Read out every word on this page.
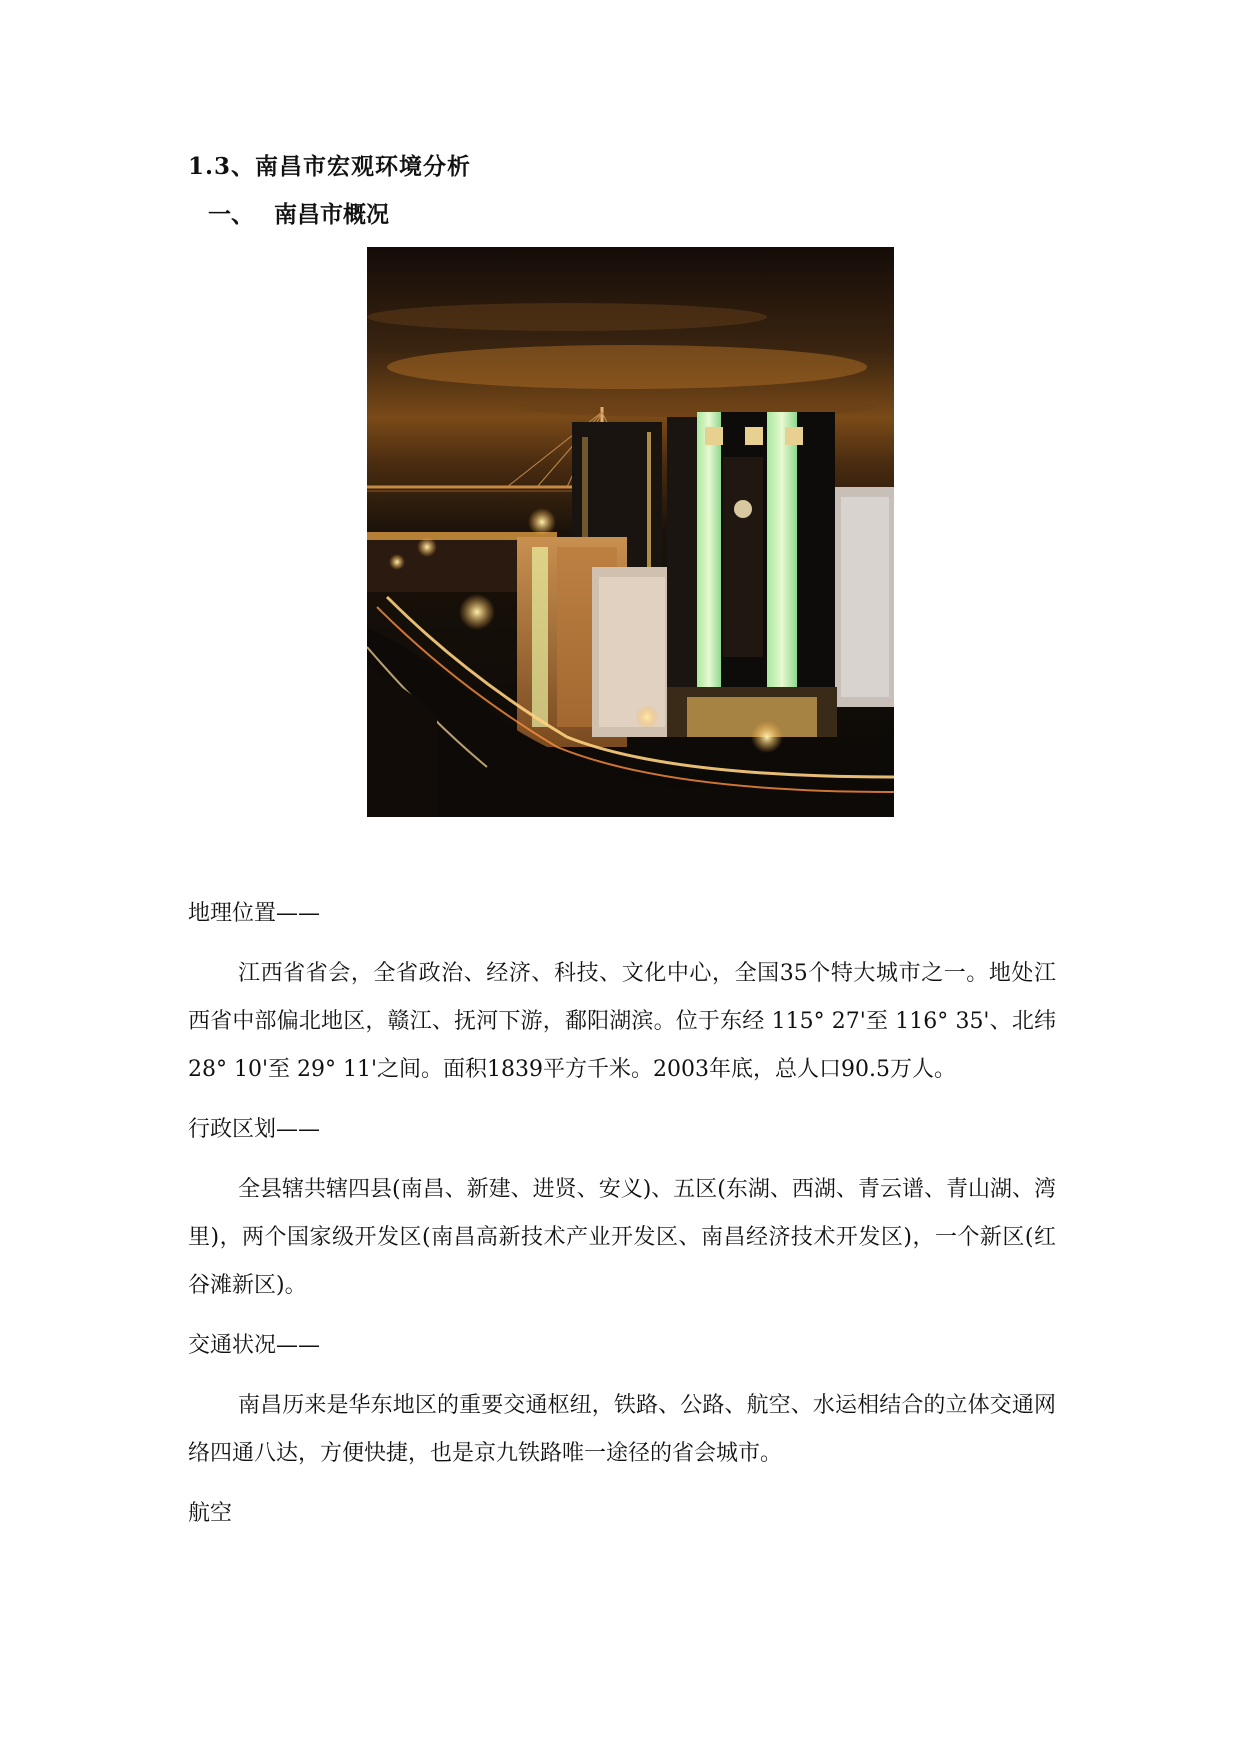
1.3、南昌市宏观环境分析
一、 南昌市概况
地理位置——
江西省省会，全省政治、经济、科技、文化中心，全国35个特大城市之一。地处江西省中部偏北地区，赣江、抚河下游，鄱阳湖滨。位于东经 115° 27'至 116° 35'、北纬 28° 10'至 29° 11'之间。面积1839平方千米。2003年底，总人口90.5万人。
行政区划——
全县辖共辖四县(南昌、新建、进贤、安义)、五区(东湖、西湖、青云谱、青山湖、湾里)，两个国家级开发区(南昌高新技术产业开发区、南昌经济技术开发区)，一个新区(红谷滩新区)。
交通状况——
南昌历来是华东地区的重要交通枢纽，铁路、公路、航空、水运相结合的立体交通网络四通八达，方便快捷，也是京九铁路唯一途径的省会城市。
航空
